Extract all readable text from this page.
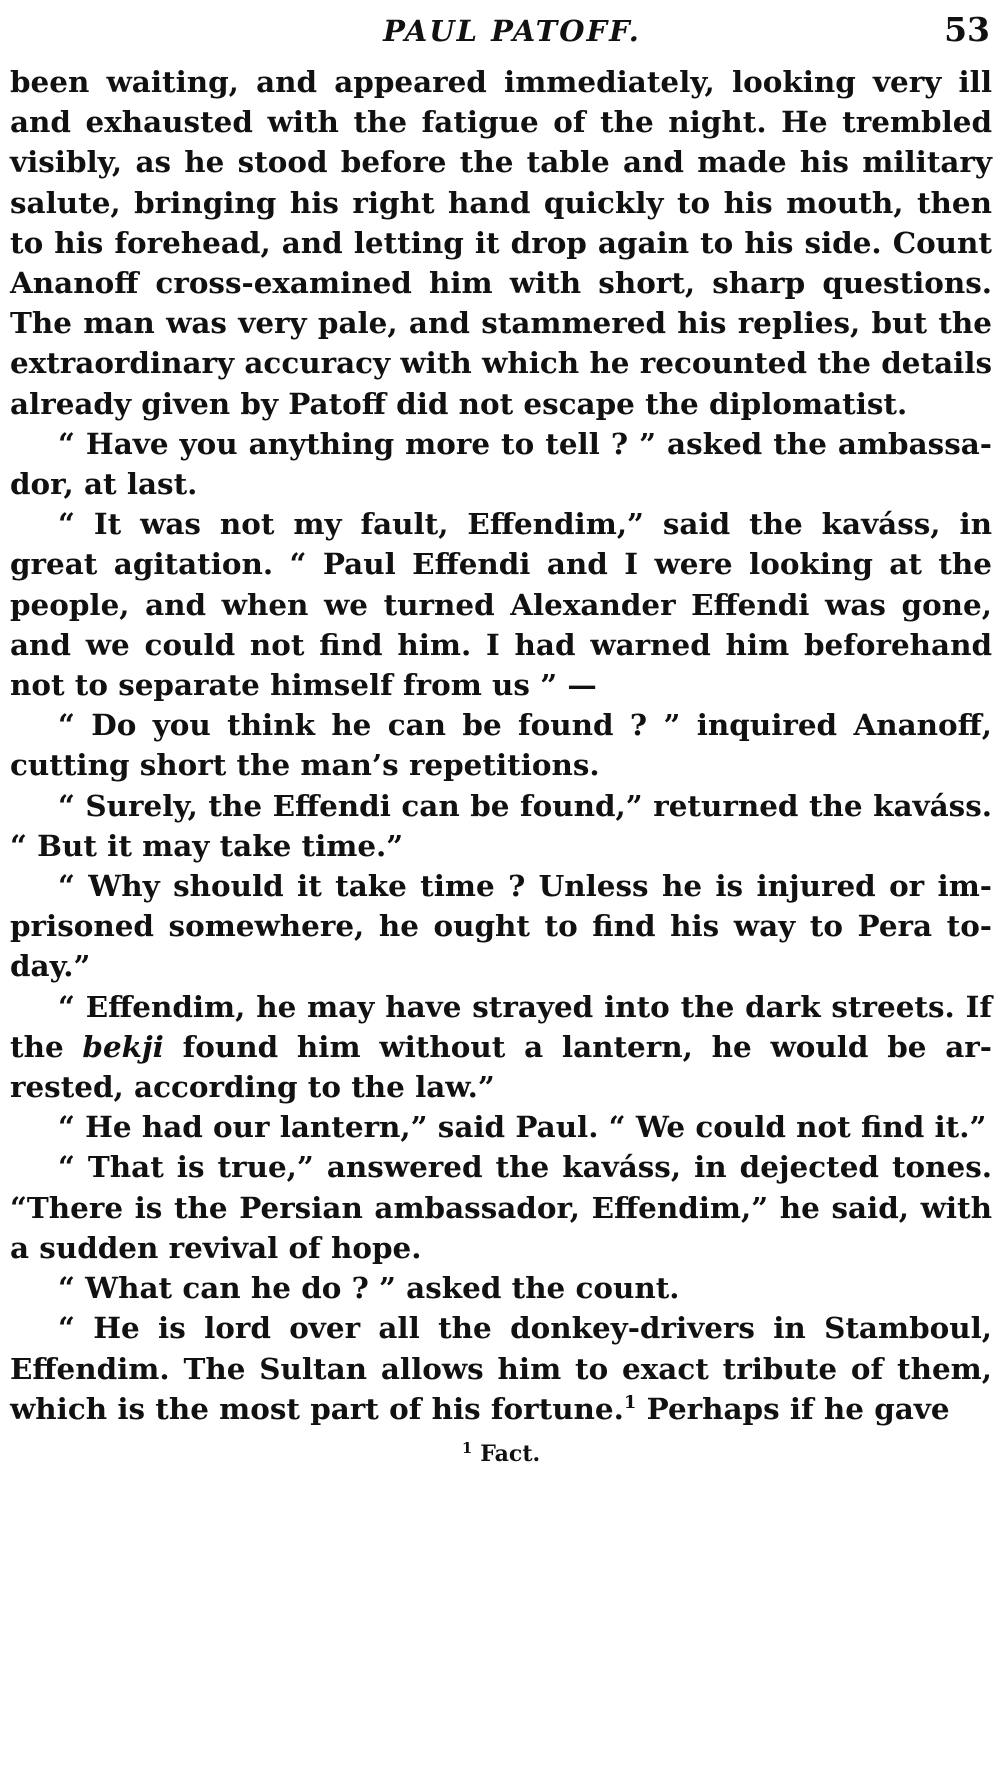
PAUL PATOFF.	53

been waiting, and appeared immediately, looking very ill and exhausted with the fatigue of the night. He trembled visibly, as he stood before the table and made his military salute, bringing his right hand quickly to his mouth, then to his forehead, and letting it drop again to his side. Count Ananoff cross-examined him with short, sharp questions. The man was very pale, and stammered his replies, but the extraordinary accuracy with which he recounted the details already given by Patoff did not escape the diplomatist.

“ Have you anything more to tell ? ” asked the ambassador, at last.

“ It was not my fault, Effendim,” said the kaváss, in great agitation. “ Paul Effendi and I were looking at the people, and when we turned Alexander Effendi was gone, and we could not find him. I had warned him beforehand not to separate himself from us ” —

“ Do you think he can be found ? ” inquired Ananoff, cutting short the man’s repetitions.

“ Surely, the Effendi can be found,” returned the kaváss. “ But it may take time.”

“ Why should it take time ? Unless he is injured or imprisoned somewhere, he ought to find his way to Pera today.”

“ Effendim, he may have strayed into the dark streets. If the bekji found him without a lantern, he would be arrested, according to the law.”

“ He had our lantern,” said Paul. “ We could not find it.”

“ That is true,” answered the kaváss, in dejected tones. “There is the Persian ambassador, Effendim,” he said, with a sudden revival of hope.

“ What can he do ? ” asked the count.

“ He is lord over all the donkey-drivers in Stamboul, Effendim. The Sultan allows him to exact tribute of them, which is the most part of his fortune.$^1$ Perhaps if he gave

$^1$ Fact.
